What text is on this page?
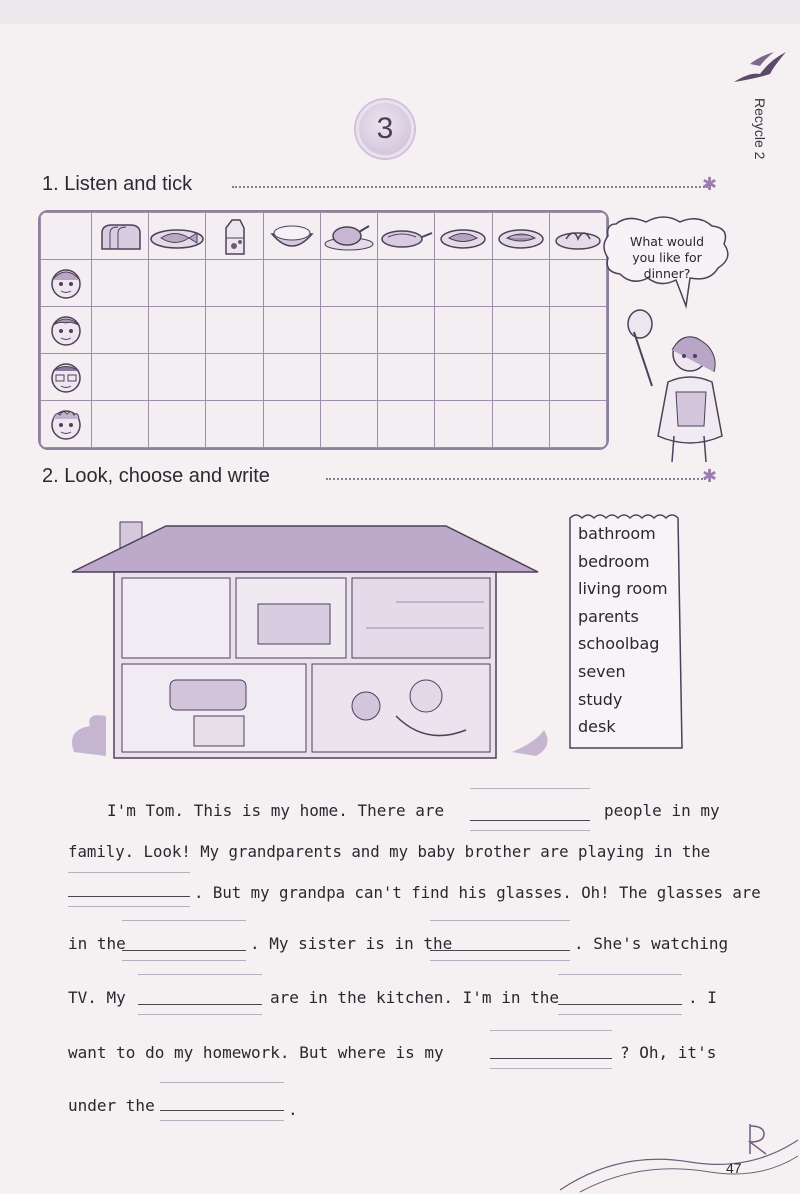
3	Recycle 2
1. Listen and tick	✱

What would
you like for
dinner?
2. Look, choose and write	✱
bathroom
bedroom
living room
parents
schoolbag
seven
study
desk
I'm Tom. This is my home. There are	people in my
family. Look! My grandparents and my baby brother are playing in the
. But my grandpa can't find his glasses. Oh! The glasses are
in the	. My sister is in the	. She's watching
TV. My	are in the kitchen. I'm in the	. I
want to do my homework. But where is my	? Oh, it's
under the	.
47
